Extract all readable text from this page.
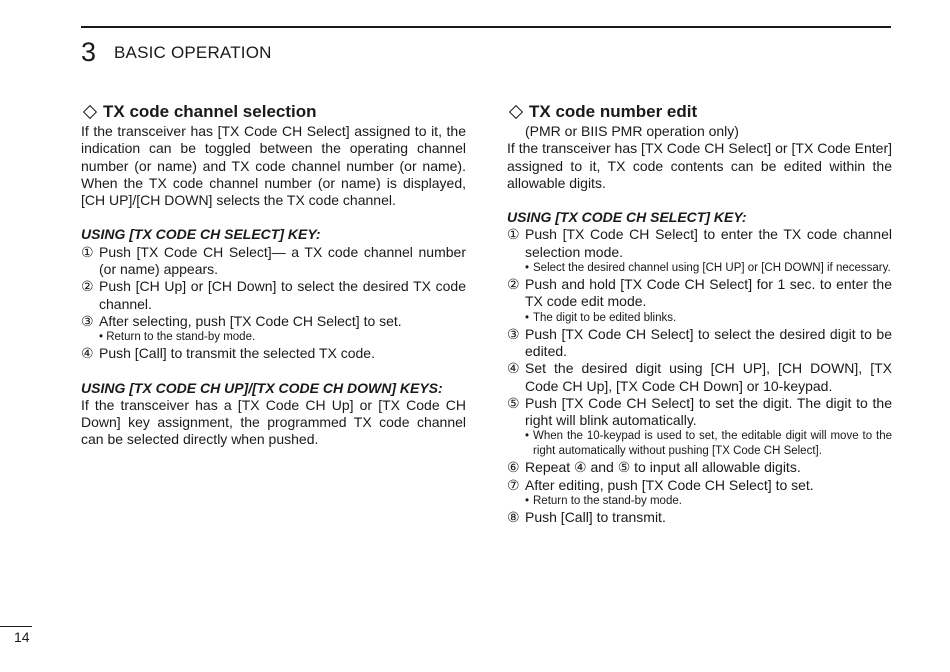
3 BASIC OPERATION
TX code channel selection

If the transceiver has [TX Code CH Select] assigned to it, the indication can be toggled between the operating channel number (or name) and TX code channel number (or name). When the TX code channel number (or name) is displayed, [CH UP]/[CH DOWN] selects the TX code channel.

USING [TX CODE CH SELECT] KEY:

① Push [TX Code CH Select]— a TX code channel number (or name) appears.
② Push [CH Up] or [CH Down] to select the desired TX code channel.
③ After selecting, push [TX Code CH Select] to set.
• Return to the stand-by mode.
④ Push [Call] to transmit the selected TX code.

USING [TX CODE CH UP]/[TX CODE CH DOWN] KEYS:

If the transceiver has a [TX Code CH Up] or [TX Code CH Down] key assignment, the programmed TX code channel can be selected directly when pushed.

TX code number edit

(PMR or BIIS PMR operation only)

If the transceiver has [TX Code CH Select] or [TX Code Enter] assigned to it, TX code contents can be edited within the allowable digits.

USING [TX CODE CH SELECT] KEY:

① Push [TX Code CH Select] to enter the TX code channel selection mode.
• Select the desired channel using [CH UP] or [CH DOWN] if necessary.
② Push and hold [TX Code CH Select] for 1 sec. to enter the TX code edit mode.
• The digit to be edited blinks.
③ Push [TX Code CH Select] to select the desired digit to be edited.
④ Set the desired digit using [CH UP], [CH DOWN], [TX Code CH Up], [TX Code CH Down] or 10-keypad.
⑤ Push [TX Code CH Select] to set the digit. The digit to the right will blink automatically.
• When the 10-keypad is used to set, the editable digit will move to the right automatically without pushing [TX Code CH Select].
⑥ Repeat ④ and ⑤ to input all allowable digits.
⑦ After editing, push [TX Code CH Select] to set.
• Return to the stand-by mode.
⑧ Push [Call] to transmit.
14
